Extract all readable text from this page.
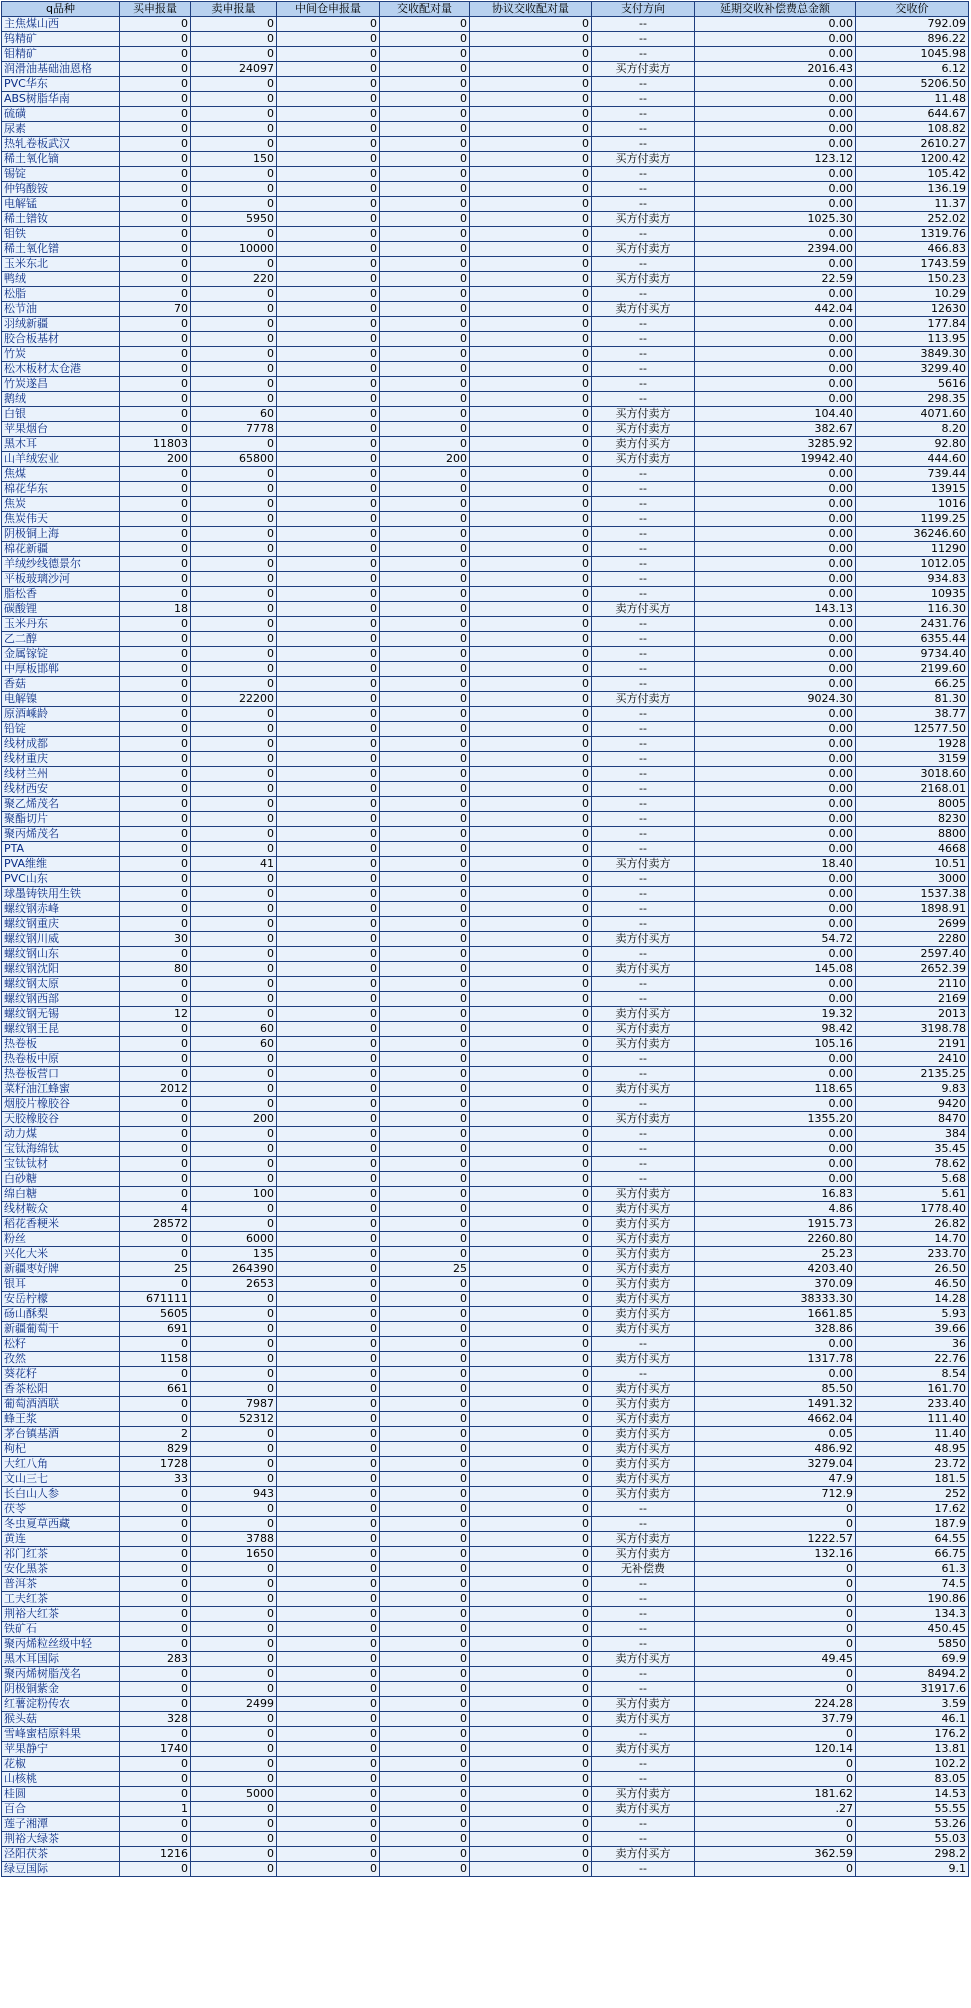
q品种	买申报量	卖申报量	中间仓申报量	交收配对量	协议交收配对量	支付方向	延期交收补偿费总金额	交收价
主焦煤山西	0	0	0	0	0	--	0.00	792.09
钨精矿	0	0	0	0	0	--	0.00	896.22
钼精矿	0	0	0	0	0	--	0.00	1045.98
润滑油基础油恩格	0	24097	0	0	0	买方付卖方	2016.43	6.12
PVC华东	0	0	0	0	0	--	0.00	5206.50
ABS树脂华南	0	0	0	0	0	--	0.00	11.48
硫磺	0	0	0	0	0	--	0.00	644.67
尿素	0	0	0	0	0	--	0.00	108.82
热轧卷板武汉	0	0	0	0	0	--	0.00	2610.27
稀土氧化镝	0	150	0	0	0	买方付卖方	123.12	1200.42
锡锭	0	0	0	0	0	--	0.00	105.42
仲钨酸铵	0	0	0	0	0	--	0.00	136.19
电解锰	0	0	0	0	0	--	0.00	11.37
稀土镨钕	0	5950	0	0	0	买方付卖方	1025.30	252.02
钼铁	0	0	0	0	0	--	0.00	1319.76
稀土氧化镨	0	10000	0	0	0	买方付卖方	2394.00	466.83
玉米东北	0	0	0	0	0	--	0.00	1743.59
鸭绒	0	220	0	0	0	买方付卖方	22.59	150.23
松脂	0	0	0	0	0	--	0.00	10.29
松节油	70	0	0	0	0	卖方付买方	442.04	12630
羽绒新疆	0	0	0	0	0	--	0.00	177.84
胶合板基材	0	0	0	0	0	--	0.00	113.95
竹炭	0	0	0	0	0	--	0.00	3849.30
松木板材太仓港	0	0	0	0	0	--	0.00	3299.40
竹炭遂昌	0	0	0	0	0	--	0.00	5616
鹅绒	0	0	0	0	0	--	0.00	298.35
白银	0	60	0	0	0	买方付卖方	104.40	4071.60
苹果烟台	0	7778	0	0	0	买方付卖方	382.67	8.20
黑木耳	11803	0	0	0	0	卖方付买方	3285.92	92.80
山羊绒宏业	200	65800	0	200	0	买方付卖方	19942.40	444.60
焦煤	0	0	0	0	0	--	0.00	739.44
棉花华东	0	0	0	0	0	--	0.00	13915
焦炭	0	0	0	0	0	--	0.00	1016
焦炭伟天	0	0	0	0	0	--	0.00	1199.25
阴极铜上海	0	0	0	0	0	--	0.00	36246.60
棉花新疆	0	0	0	0	0	--	0.00	11290
羊绒纱线德景尔	0	0	0	0	0	--	0.00	1012.05
平板玻璃沙河	0	0	0	0	0	--	0.00	934.83
脂松香	0	0	0	0	0	--	0.00	10935
碳酸锂	18	0	0	0	0	卖方付买方	143.13	116.30
玉米丹东	0	0	0	0	0	--	0.00	2431.76
乙二醇	0	0	0	0	0	--	0.00	6355.44
金属镓锭	0	0	0	0	0	--	0.00	9734.40
中厚板邯郸	0	0	0	0	0	--	0.00	2199.60
香菇	0	0	0	0	0	--	0.00	66.25
电解镍	0	22200	0	0	0	买方付卖方	9024.30	81.30
原酒嵊龄	0	0	0	0	0	--	0.00	38.77
铅锭	0	0	0	0	0	--	0.00	12577.50
线材成都	0	0	0	0	0	--	0.00	1928
线材重庆	0	0	0	0	0	--	0.00	3159
线材兰州	0	0	0	0	0	--	0.00	3018.60
线材西安	0	0	0	0	0	--	0.00	2168.01
聚乙烯茂名	0	0	0	0	0	--	0.00	8005
聚酯切片	0	0	0	0	0	--	0.00	8230
聚丙烯茂名	0	0	0	0	0	--	0.00	8800
PTA	0	0	0	0	0	--	0.00	4668
PVA维维	0	41	0	0	0	买方付卖方	18.40	10.51
PVC山东	0	0	0	0	0	--	0.00	3000
球墨铸铁用生铁	0	0	0	0	0	--	0.00	1537.38
螺纹钢赤峰	0	0	0	0	0	--	0.00	1898.91
螺纹钢重庆	0	0	0	0	0	--	0.00	2699
螺纹钢川威	30	0	0	0	0	卖方付买方	54.72	2280
螺纹钢山东	0	0	0	0	0	--	0.00	2597.40
螺纹钢沈阳	80	0	0	0	0	卖方付买方	145.08	2652.39
螺纹钢太原	0	0	0	0	0	--	0.00	2110
螺纹钢西部	0	0	0	0	0	--	0.00	2169
螺纹钢无锡	12	0	0	0	0	卖方付买方	19.32	2013
螺纹钢王昆	0	60	0	0	0	买方付卖方	98.42	3198.78
热卷板	0	60	0	0	0	买方付卖方	105.16	2191
热卷板中原	0	0	0	0	0	--	0.00	2410
热卷板营口	0	0	0	0	0	--	0.00	2135.25
菜籽油江蜂蜜	2012	0	0	0	0	卖方付买方	118.65	9.83
烟胶片橡胶谷	0	0	0	0	0	--	0.00	9420
天胶橡胶谷	0	200	0	0	0	买方付卖方	1355.20	8470
动力煤	0	0	0	0	0	--	0.00	384
宝钛海绵钛	0	0	0	0	0	--	0.00	35.45
宝钛钛材	0	0	0	0	0	--	0.00	78.62
白砂糖	0	0	0	0	0	--	0.00	5.68
绵白糖	0	100	0	0	0	买方付卖方	16.83	5.61
线材鞍众	4	0	0	0	0	卖方付买方	4.86	1778.40
稻花香粳米	28572	0	0	0	0	卖方付买方	1915.73	26.82
粉丝	0	6000	0	0	0	买方付卖方	2260.80	14.70
兴化大米	0	135	0	0	0	买方付卖方	25.23	233.70
新疆枣好牌	25	264390	0	25	0	买方付卖方	4203.40	26.50
银耳	0	2653	0	0	0	买方付卖方	370.09	46.50
安岳柠檬	671111	0	0	0	0	卖方付买方	38333.30	14.28
砀山酥梨	5605	0	0	0	0	卖方付买方	1661.85	5.93
新疆葡萄干	691	0	0	0	0	卖方付买方	328.86	39.66
松籽	0	0	0	0	0	--	0.00	36
孜然	1158	0	0	0	0	卖方付买方	1317.78	22.76
葵花籽	0	0	0	0	0	--	0.00	8.54
香茶松阳	661	0	0	0	0	卖方付买方	85.50	161.70
葡萄酒酒联	0	7987	0	0	0	买方付卖方	1491.32	233.40
蜂王浆	0	52312	0	0	0	买方付卖方	4662.04	111.40
茅台镇基酒	2	0	0	0	0	卖方付买方	0.05	11.40
枸杞	829	0	0	0	0	卖方付买方	486.92	48.95
大红八角	1728	0	0	0	0	卖方付买方	3279.04	23.72
文山三七	33	0	0	0	0	卖方付买方	47.9	181.5
长白山人参	0	943	0	0	0	买方付卖方	712.9	252
茯苓	0	0	0	0	0	--	0	17.62
冬虫夏草西藏	0	0	0	0	0	--	0	187.9
黄连	0	3788	0	0	0	买方付卖方	1222.57	64.55
祁门红茶	0	1650	0	0	0	买方付卖方	132.16	66.75
安化黑茶	0	0	0	0	0	无补偿费	0	61.3
普洱茶	0	0	0	0	0	--	0	74.5
工夫红茶	0	0	0	0	0	--	0	190.86
荆裕大红茶	0	0	0	0	0	--	0	134.3
铁矿石	0	0	0	0	0	--	0	450.45
聚丙烯粒丝级中轻	0	0	0	0	0	--	0	5850
黑木耳国际	283	0	0	0	0	卖方付买方	49.45	69.9
聚丙烯树脂茂名	0	0	0	0	0	--	0	8494.2
阴极铜紫金	0	0	0	0	0	--	0	31917.6
红薯淀粉传农	0	2499	0	0	0	买方付卖方	224.28	3.59
猴头菇	328	0	0	0	0	卖方付买方	37.79	46.1
雪峰蜜桔原料果	0	0	0	0	0	--	0	176.2
苹果静宁	1740	0	0	0	0	卖方付买方	120.14	13.81
花椒	0	0	0	0	0	--	0	102.2
山核桃	0	0	0	0	0	--	0	83.05
桂圆	0	5000	0	0	0	买方付卖方	181.62	14.53
百合	1	0	0	0	0	卖方付买方	.27	55.55
莲子湘潭	0	0	0	0	0	--	0	53.26
荆裕大绿茶	0	0	0	0	0	--	0	55.03
泾阳茯茶	1216	0	0	0	0	卖方付买方	362.59	298.2
绿豆国际	0	0	0	0	0	--	0	9.1
